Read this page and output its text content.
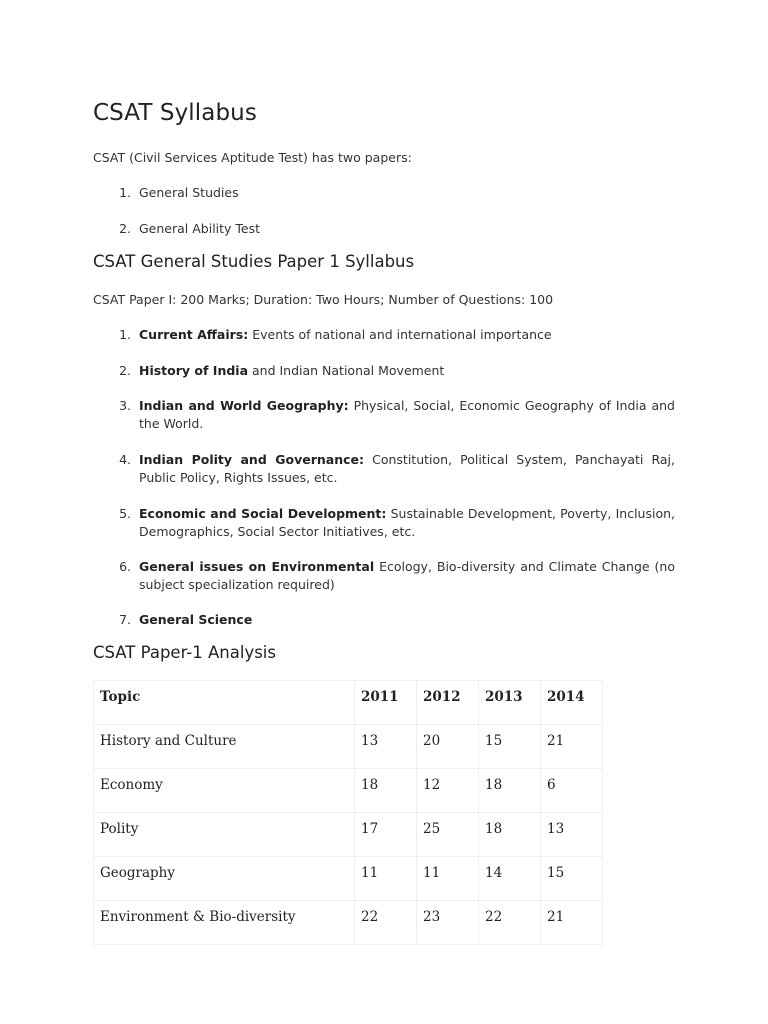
CSAT Syllabus

CSAT (Civil Services Aptitude Test) has two papers:

1. General Studies
2. General Ability Test
CSAT General Studies Paper 1 Syllabus

CSAT Paper I: 200 Marks; Duration: Two Hours; Number of Questions: 100

1. Current Affairs: Events of national and international importance
2. History of India and Indian National Movement
3. Indian and World Geography: Physical, Social, Economic Geography of India and the World.
4. Indian Polity and Governance: Constitution, Political System, Panchayati Raj, Public Policy, Rights Issues, etc.
5. Economic and Social Development: Sustainable Development, Poverty, Inclusion, Demographics, Social Sector Initiatives, etc.
6. General issues on Environmental Ecology, Bio-diversity and Climate Change (no subject specialization required)
7. General Science
CSAT Paper-1 Analysis
Topic	2011	2012	2013	2014
History and Culture	13	20	15	21
Economy	18	12	18	6
Polity	17	25	18	13
Geography	11	11	14	15
Environment & Bio-diversity	22	23	22	21
